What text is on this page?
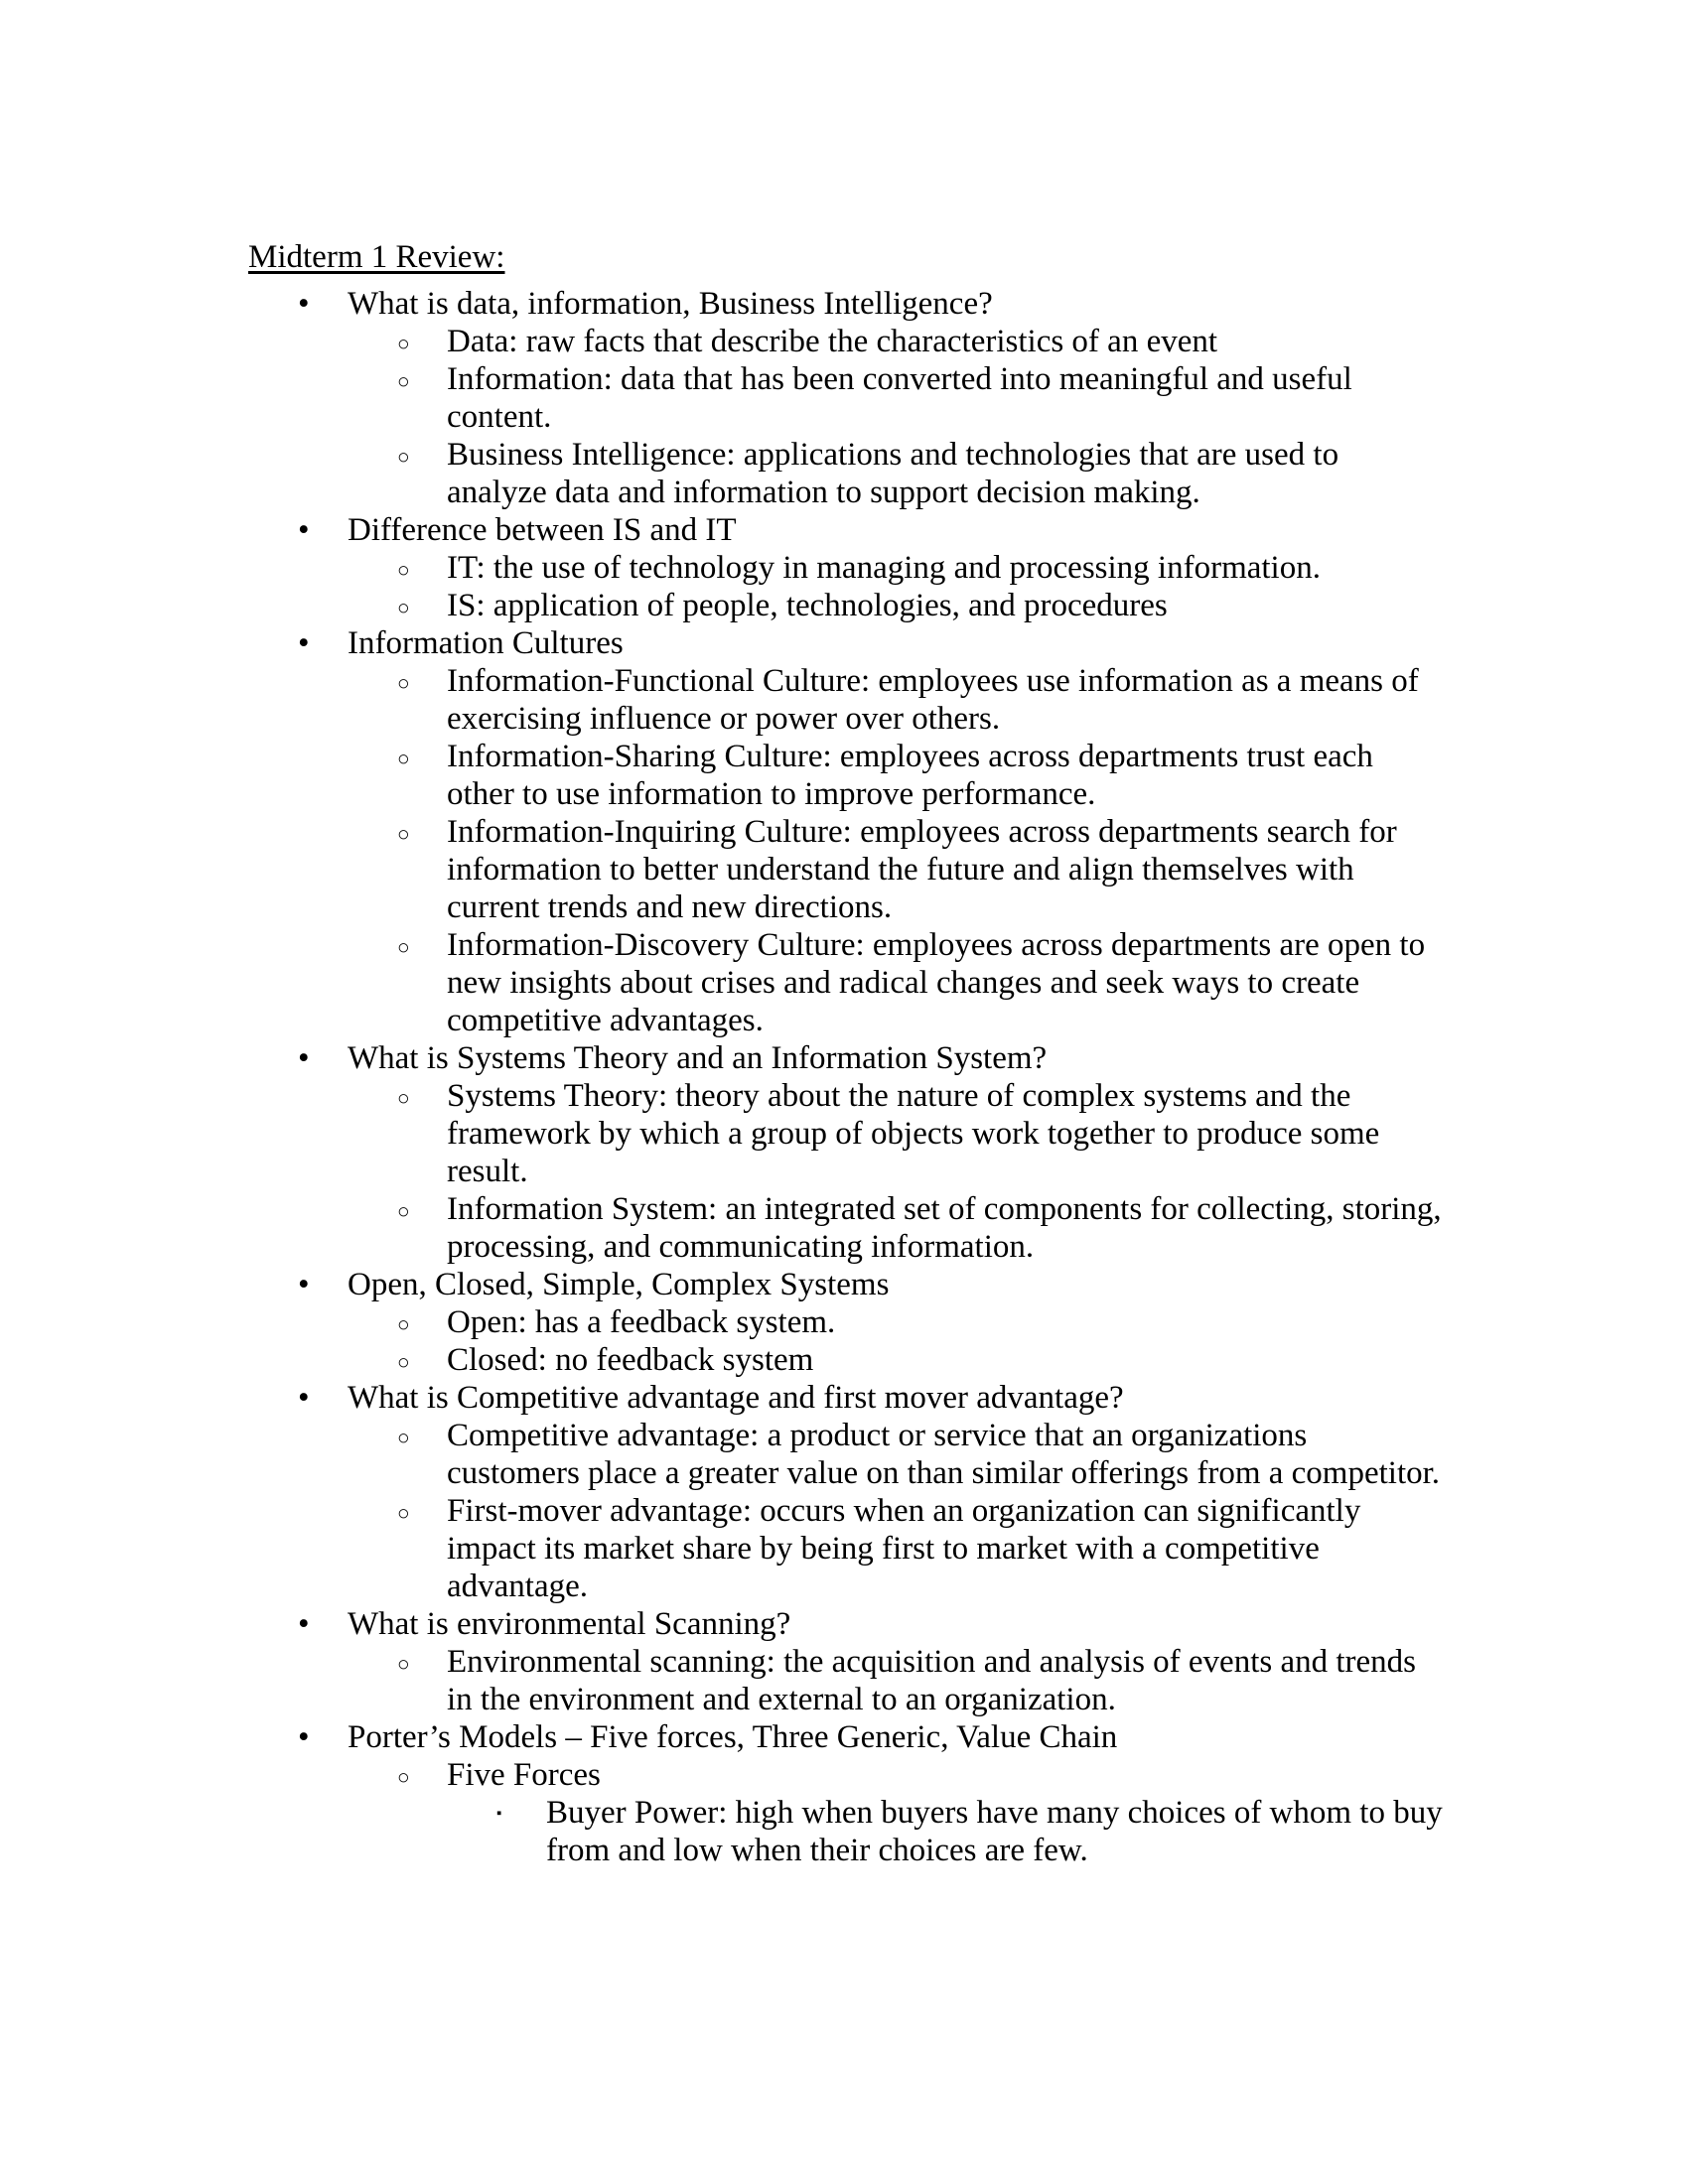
Midterm 1 Review:
• What is data, information, Business Intelligence?
○ Data: raw facts that describe the characteristics of an event
○ Information: data that has been converted into meaningful and useful content.
○ Business Intelligence: applications and technologies that are used to analyze data and information to support decision making.
• Difference between IS and IT
○ IT: the use of technology in managing and processing information.
○ IS: application of people, technologies, and procedures
• Information Cultures
○ Information-Functional Culture: employees use information as a means of exercising influence or power over others.
○ Information-Sharing Culture: employees across departments trust each other to use information to improve performance.
○ Information-Inquiring Culture: employees across departments search for information to better understand the future and align themselves with current trends and new directions.
○ Information-Discovery Culture: employees across departments are open to new insights about crises and radical changes and seek ways to create competitive advantages.
• What is Systems Theory and an Information System?
○ Systems Theory: theory about the nature of complex systems and the framework by which a group of objects work together to produce some result.
○ Information System: an integrated set of components for collecting, storing, processing, and communicating information.
• Open, Closed, Simple, Complex Systems
○ Open: has a feedback system.
○ Closed: no feedback system
• What is Competitive advantage and first mover advantage?
○ Competitive advantage: a product or service that an organizations customers place a greater value on than similar offerings from a competitor.
○ First-mover advantage: occurs when an organization can significantly impact its market share by being first to market with a competitive advantage.
• What is environmental Scanning?
○ Environmental scanning: the acquisition and analysis of events and trends in the environment and external to an organization.
• Porter’s Models – Five forces, Three Generic, Value Chain
○ Five Forces
▪ Buyer Power: high when buyers have many choices of whom to buy from and low when their choices are few.
